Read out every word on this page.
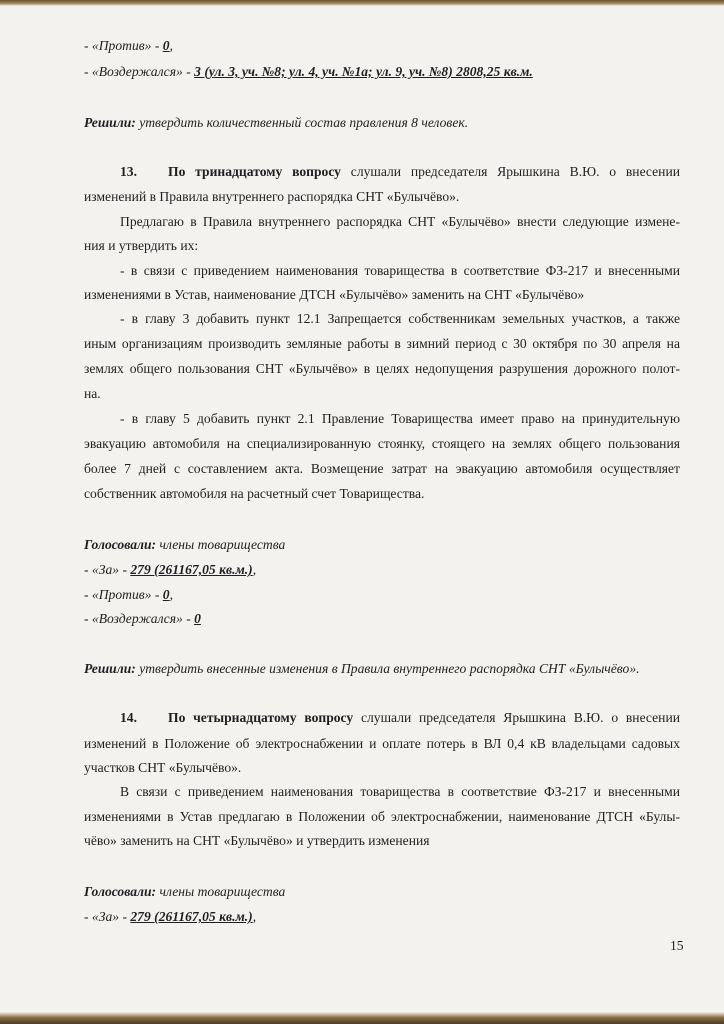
- «Против» - 0,
- «Воздержался» - 3 (ул. 3, уч. №8; ул. 4, уч. №1а; ул. 9, уч. №8) 2808,25 кв.м.
Решили: утвердить количественный состав правления 8 человек.
13. По тринадцатому вопросу слушали председателя Ярышкина В.Ю. о внесении
изменений в Правила внутреннего распорядка СНТ «Булычёво».
Предлагаю в Правила внутреннего распорядка СНТ «Булычёво» внести следующие измене-
ния и утвердить их:
- в связи с приведением наименования товарищества в соответствие ФЗ-217 и внесенными
изменениями в Устав, наименование ДТСН «Булычёво» заменить на СНТ «Булычёво»
- в главу 3 добавить пункт 12.1 Запрещается собственникам земельных участков, а также
иным организациям производить земляные работы в зимний период с 30 октября по 30 апреля на
землях общего пользования СНТ «Булычёво» в целях недопущения разрушения дорожного полот-
на.
- в главу 5 добавить пункт 2.1 Правление Товарищества имеет право на принудительную
эвакуацию автомобиля на специализированную стоянку, стоящего на землях общего пользования
более 7 дней с составлением акта. Возмещение затрат на эвакуацию автомобиля осуществляет
собственник автомобиля на расчетный счет Товарищества.
Голосовали: члены товарищества
- «За» - 279 (261167,05 кв.м.),
- «Против» - 0,
- «Воздержался» - 0
Решили: утвердить внесенные изменения в Правила внутреннего распорядка СНТ «Булычёво».
14. По четырнадцатому вопросу слушали председателя Ярышкина В.Ю. о внесении
изменений в Положение об электроснабжении и оплате потерь в ВЛ 0,4 кВ владельцами садовых
участков СНТ «Булычёво».
В связи с приведением наименования товарищества в соответствие ФЗ-217 и внесенными
изменениями в Устав предлагаю в Положении об электроснабжении, наименование ДТСН «Булы-
чёво» заменить на СНТ «Булычёво» и утвердить изменения
Голосовали: члены товарищества
- «За» - 279 (261167,05 кв.м.),
15
